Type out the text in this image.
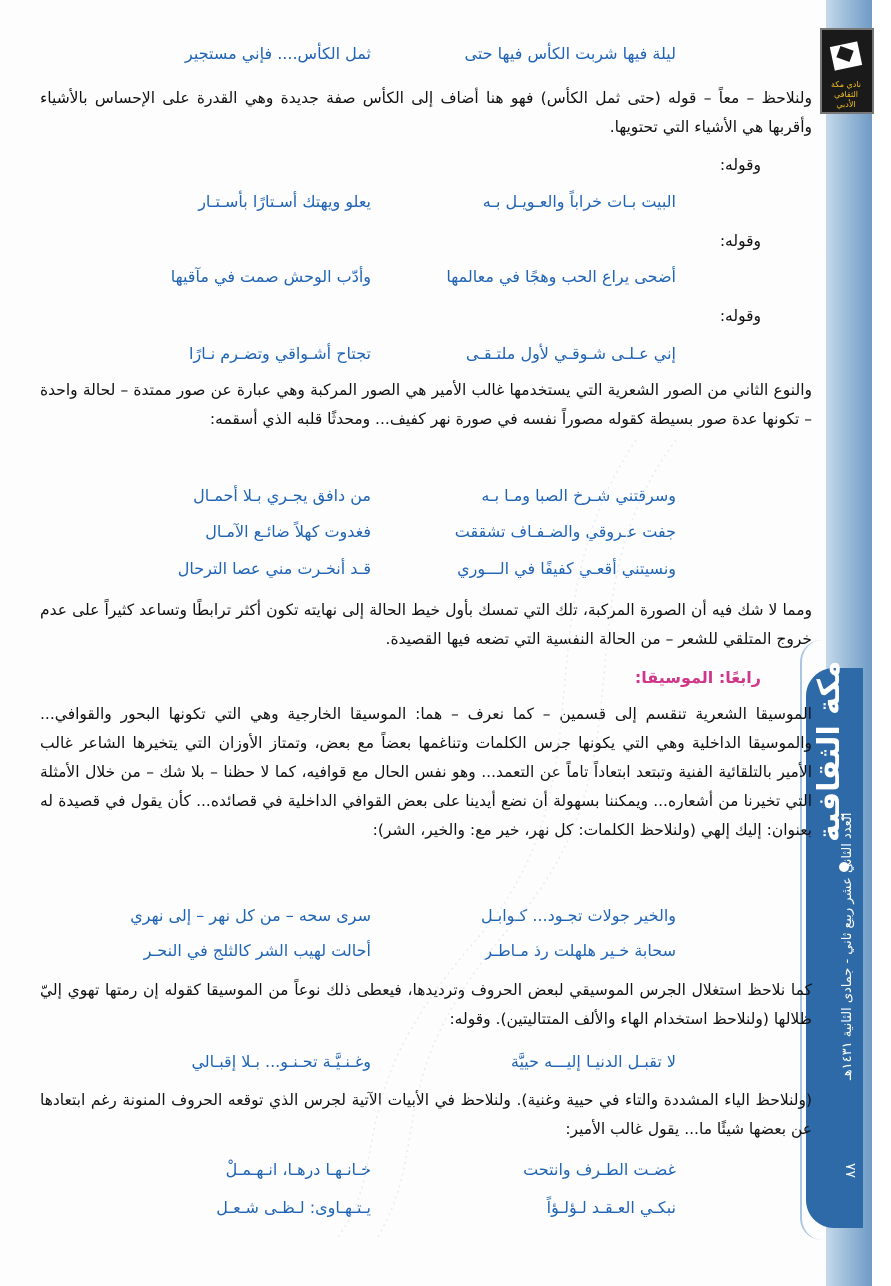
نادي مكة الثقافي الأدبي
مكة الثقافية
العدد الثاني عشر ربيع ثاني - جمادى الثانية ١٤٣١هـ
٨٨
ليلة فيها شربت الكأس فيها حتى
ثمل الكأس.... فإني مستجير
ولنلاحظ – معاً – قوله (حتى ثمل الكأس) فهو هنا أضاف إلى الكأس صفة جديدة وهي القدرة على الإحساس بالأشياء وأقربها هي الأشياء التي تحتويها.
وقوله:
البيت بـات خراباً والعـويـل بـه
يعلو ويهتك أسـتارًا بأسـتـار
وقوله:
أضحى يراع الحب وهجًا في معالمها
وأدّب الوحش صمت في مآقيها
وقوله:
إني عـلـى شـوقـي لأول ملتـقـى
تجتاح أشـواقي وتضـرم نـارًا
والنوع الثاني من الصور الشعرية التي يستخدمها غالب الأمير هي الصور المركبة وهي عبارة عن صور ممتدة – لحالة واحدة – تكونها عدة صور بسيطة كقوله مصوراً نفسه في صورة نهر كفيف... ومحدثًا قلبه الذي أسقمه:
وسرقتني شـرخ الصبا ومـا بـه
من دافق يجـري بـلا أحمـال
جفت عـروقي والضـفـاف تشققت
فغدوت كهلاً ضائـع الآمـال
ونسيتني أقعـي كفيفًا في الـــوري
قـد أنخـرت مني عصا الترحال
ومما لا شك فيه أن الصورة المركبة، تلك التي تمسك بأول خيط الحالة إلى نهايته تكون أكثر ترابطًا وتساعد كثيراً على عدم خروج المتلقي للشعر – من الحالة النفسية التي تضعه فيها القصيدة.
رابعًا: الموسيقا:
الموسيقا الشعرية تنقسم إلى قسمين – كما نعرف – هما: الموسيقا الخارجية وهي التي تكونها البحور والقوافي... والموسيقا الداخلية وهي التي يكونها جرس الكلمات وتناغمها بعضاً مع بعض، وتمتاز الأوزان التي يتخيرها الشاعر غالب الأمير بالتلقائية الفنية وتبتعد ابتعاداً تاماً عن التعمد... وهو نفس الحال مع قوافيه، كما لا حظنا – بلا شك – من خلال الأمثلة التي تخيرنا من أشعاره... ويمكننا بسهولة أن نضع أيدينا على بعض القوافي الداخلية في قصائده... كأن يقول في قصيدة له بعنوان: إليك إلهي (ولنلاحظ الكلمات: كل نهر، خير مع: والخير، الشر):
والخير جولات تجـود... كـوابـل
سرى سحه – من كل نهر – إلى نهري
سحابة خـير هلهلت رذ مـاطـر
أحالت لهيب الشر كالثلج في النحـر
كما نلاحظ استغلال الجرس الموسيقي لبعض الحروف وترديدها، فيعطى ذلك نوعاً من الموسيقا كقوله إن رمتها تهوي إليّ ظلالها (ولنلاحظ استخدام الهاء والألف المتتاليتين). وقوله:
لا تقبـل الدنيـا إليـــه حييَّة
وغـنـيَّـة تحـنـو... بـلا إقبـالي
(ولنلاحظ الياء المشددة والتاء في حيية وغنية). ولنلاحظ في الأبيات الآتية لجرس الذي توقعه الحروف المنونة رغم ابتعادها عن بعضها شيئًا ما... يقول غالب الأمير:
غضـت الطـرف وانتحت
خـانـهـا درهـا، انـهـمـلْ
نبكـي العـقـد لـؤلـؤاً
يـتـهـاوى: لـظـى شـعـل
